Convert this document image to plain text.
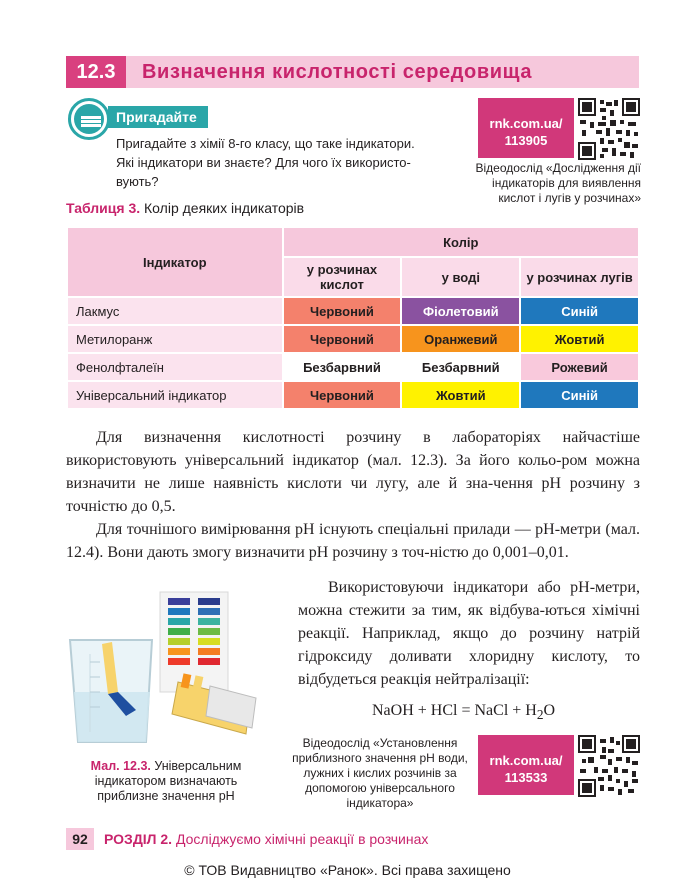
12.3	Визначення кислотності середовища
Пригадайте
Пригадайте з хімії 8-го класу, що таке індикатори. Які індикатори ви знаєте? Для чого їх використо-вують?
rnk.com.ua/
113905
Відеодослід «Дослідження дії індикаторів для виявлення кислот і лугів у розчинах»
Таблиця 3. Колір деяких індикаторів
Індикатор	Колір		
	у розчинах кислот	у воді	у розчинах лугів
Лакмус	Червоний	Фіолетовий	Синій
Метилоранж	Червоний	Оранжевий	Жовтий
Фенолфталеїн	Безбарвний	Безбарвний	Рожевий
Універсальний індикатор	Червоний	Жовтий	Синій

Для визначення кислотності розчину в лабораторіях найчастіше використовують універсальний індикатор (мал. 12.3). За його кольо-ром можна визначити не лише наявність кислоти чи лугу, але й зна-чення pH розчину з точністю до 0,5.

Для точнішого вимірювання pH існують спеціальні прилади — pH-метри (мал. 12.4). Вони дають змогу визначити pH розчину з точ-ністю до 0,001–0,01.

Мал. 12.3. Універсальним індикатором визначають приблизне значення pH

Використовуючи індикатори або pH-метри, можна стежити за тим, як відбува-ються хімічні реакції. Наприклад, якщо до розчину натрій гідроксиду доливати хлоридну кислоту, то відбудеться реакція нейтралізації:

NaOH + HCl = NaCl + $H_2O$
Відеодослід «Установлення приблизного значення pH води, лужних і кислих розчинів за допомогою універсального індикатора»
rnk.com.ua/
113533
92	РОЗДІЛ 2. Досліджуємо хімічні реакції в розчинах
© ТОВ Видавництво «Ранок». Всі права захищено
